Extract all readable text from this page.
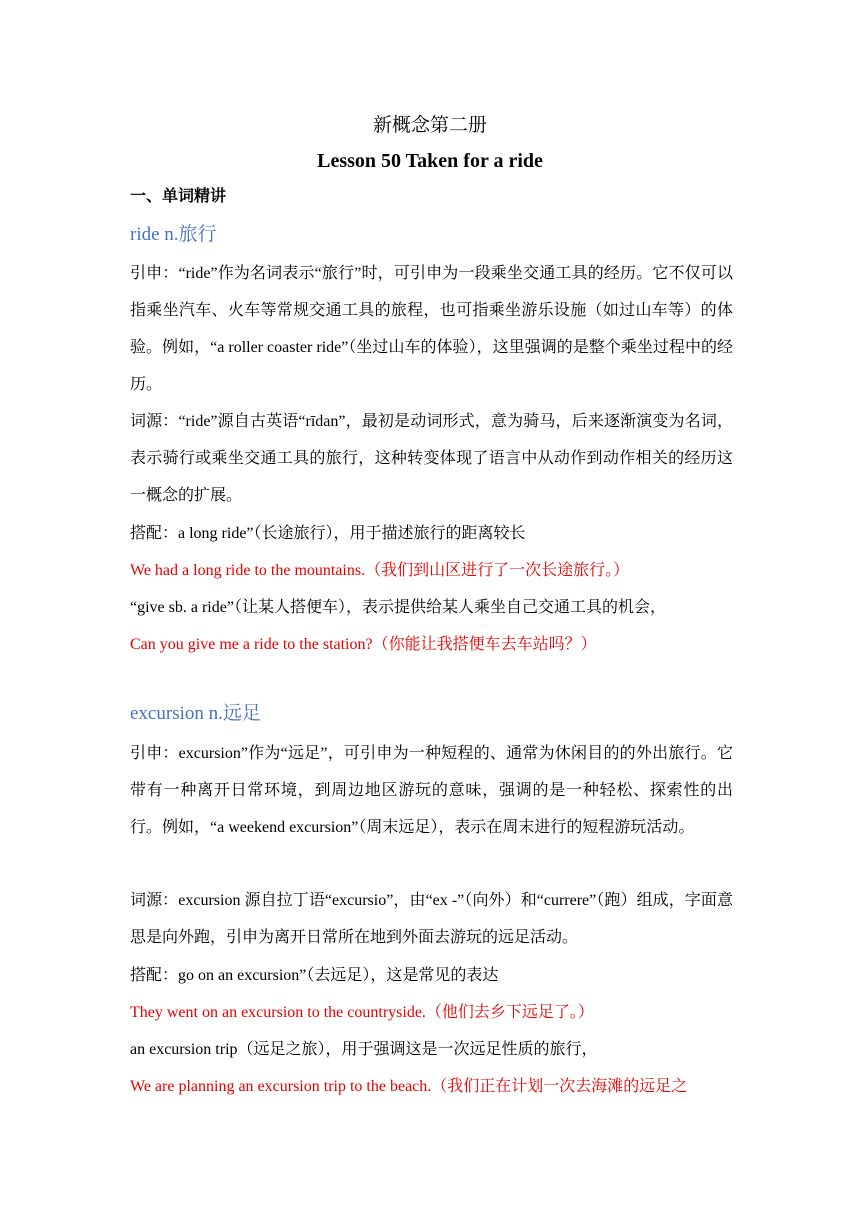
新概念第二册
Lesson 50 Taken for a ride
一、单词精讲
ride n.旅行

引申：“ride”作为名词表示“旅行”时，可引申为一段乘坐交通工具的经历。它不仅可以指乘坐汽车、火车等常规交通工具的旅程，也可指乘坐游乐设施（如过山车等）的体验。例如，“a roller coaster ride”（坐过山车的体验），这里强调的是整个乘坐过程中的经历。

词源：“ride”源自古英语“rīdan”，最初是动词形式，意为骑马，后来逐渐演变为名词，表示骑行或乘坐交通工具的旅行，这种转变体现了语言中从动作到动作相关的经历这一概念的扩展。

搭配：a long ride”（长途旅行），用于描述旅行的距离较长
We had a long ride to the mountains.（我们到山区进行了一次长途旅行。）
“give sb. a ride”（让某人搭便车），表示提供给某人乘坐自己交通工具的机会，
Can you give me a ride to the station?（你能让我搭便车去车站吗？）
excursion n.远足

引申：excursion”作为“远足”，可引申为一种短程的、通常为休闲目的的外出旅行。它带有一种离开日常环境，到周边地区游玩的意味，强调的是一种轻松、探索性的出行。例如，“a weekend excursion”（周末远足），表示在周末进行的短程游玩活动。

词源：excursion 源自拉丁语“excursio”，由“ex -”（向外）和“currere”（跑）组成，字面意思是向外跑，引申为离开日常所在地到外面去游玩的远足活动。

搭配：go on an excursion”（去远足），这是常见的表达
They went on an excursion to the countryside.（他们去乡下远足了。）
an excursion trip（远足之旅），用于强调这是一次远足性质的旅行，
We are planning an excursion trip to the beach.（我们正在计划一次去海滩的远足之
